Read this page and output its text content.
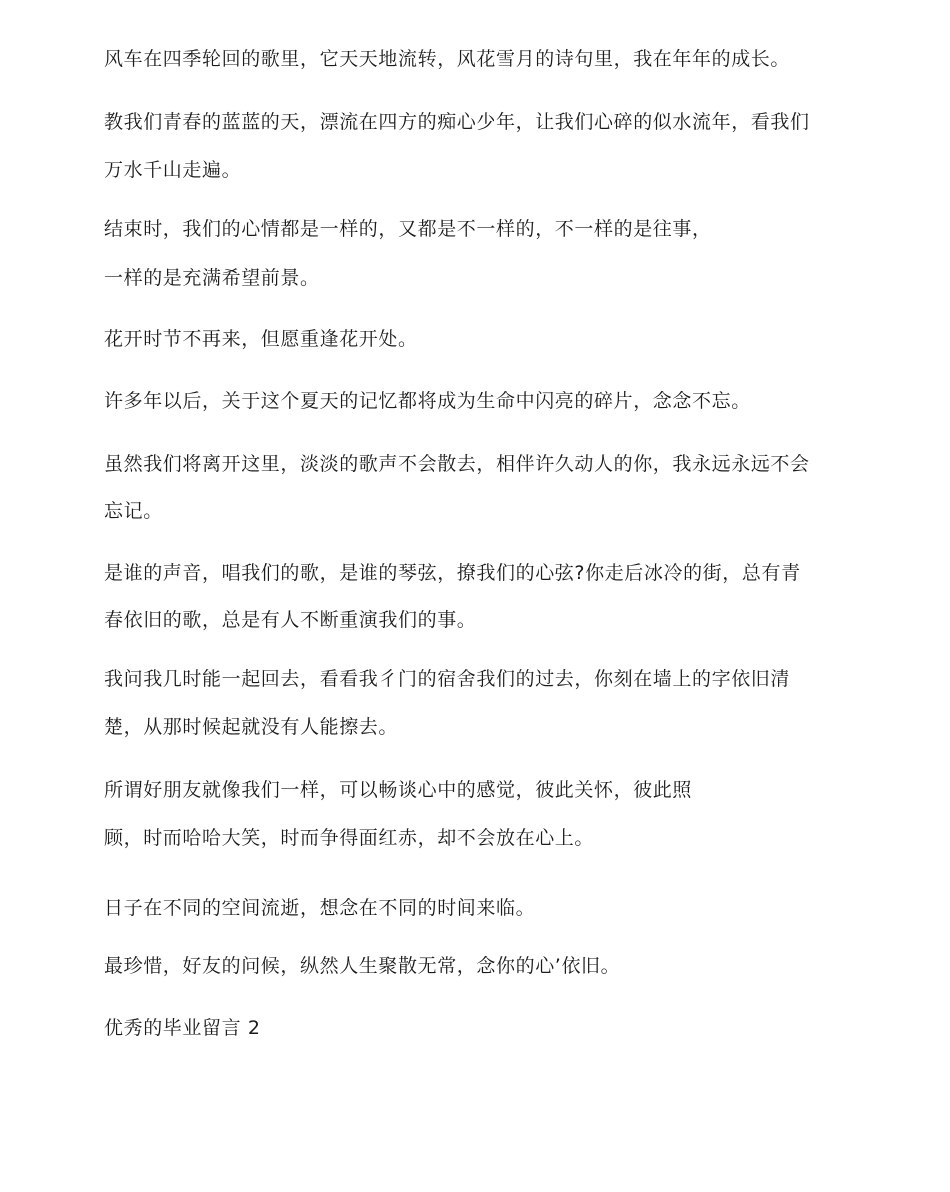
风车在四季轮回的歌里，它天天地流转，风花雪月的诗句里，我在年年的成长。
教我们青春的蓝蓝的天，漂流在四方的痴心少年，让我们心碎的似水流年，看我们
万水千山走遍。
结束时，我们的心情都是一样的，又都是不一样的，不一样的是往事，
一样的是充满希望前景。
花开时节不再来，但愿重逢花开处。
许多年以后，关于这个夏天的记忆都将成为生命中闪亮的碎片，念念不忘。
虽然我们将离开这里，淡淡的歌声不会散去，相伴许久动人的你，我永远永远不会
忘记。
是谁的声音，唱我们的歌，是谁的琴弦，撩我们的心弦?你走后冰冷的街，总有青
春依旧的歌，总是有人不断重演我们的事。
我问我几时能一起回去，看看我彳门的宿舍我们的过去，你刻在墙上的字依旧清
楚，从那时候起就没有人能擦去。
所谓好朋友就像我们一样，可以畅谈心中的感觉，彼此关怀，彼此照
顾，时而哈哈大笑，时而争得面红赤，却不会放在心上。
日子在不同的空间流逝，想念在不同的时间来临。
最珍惜，好友的问候，纵然人生聚散无常，念你的心’依旧。
优秀的毕业留言 2
